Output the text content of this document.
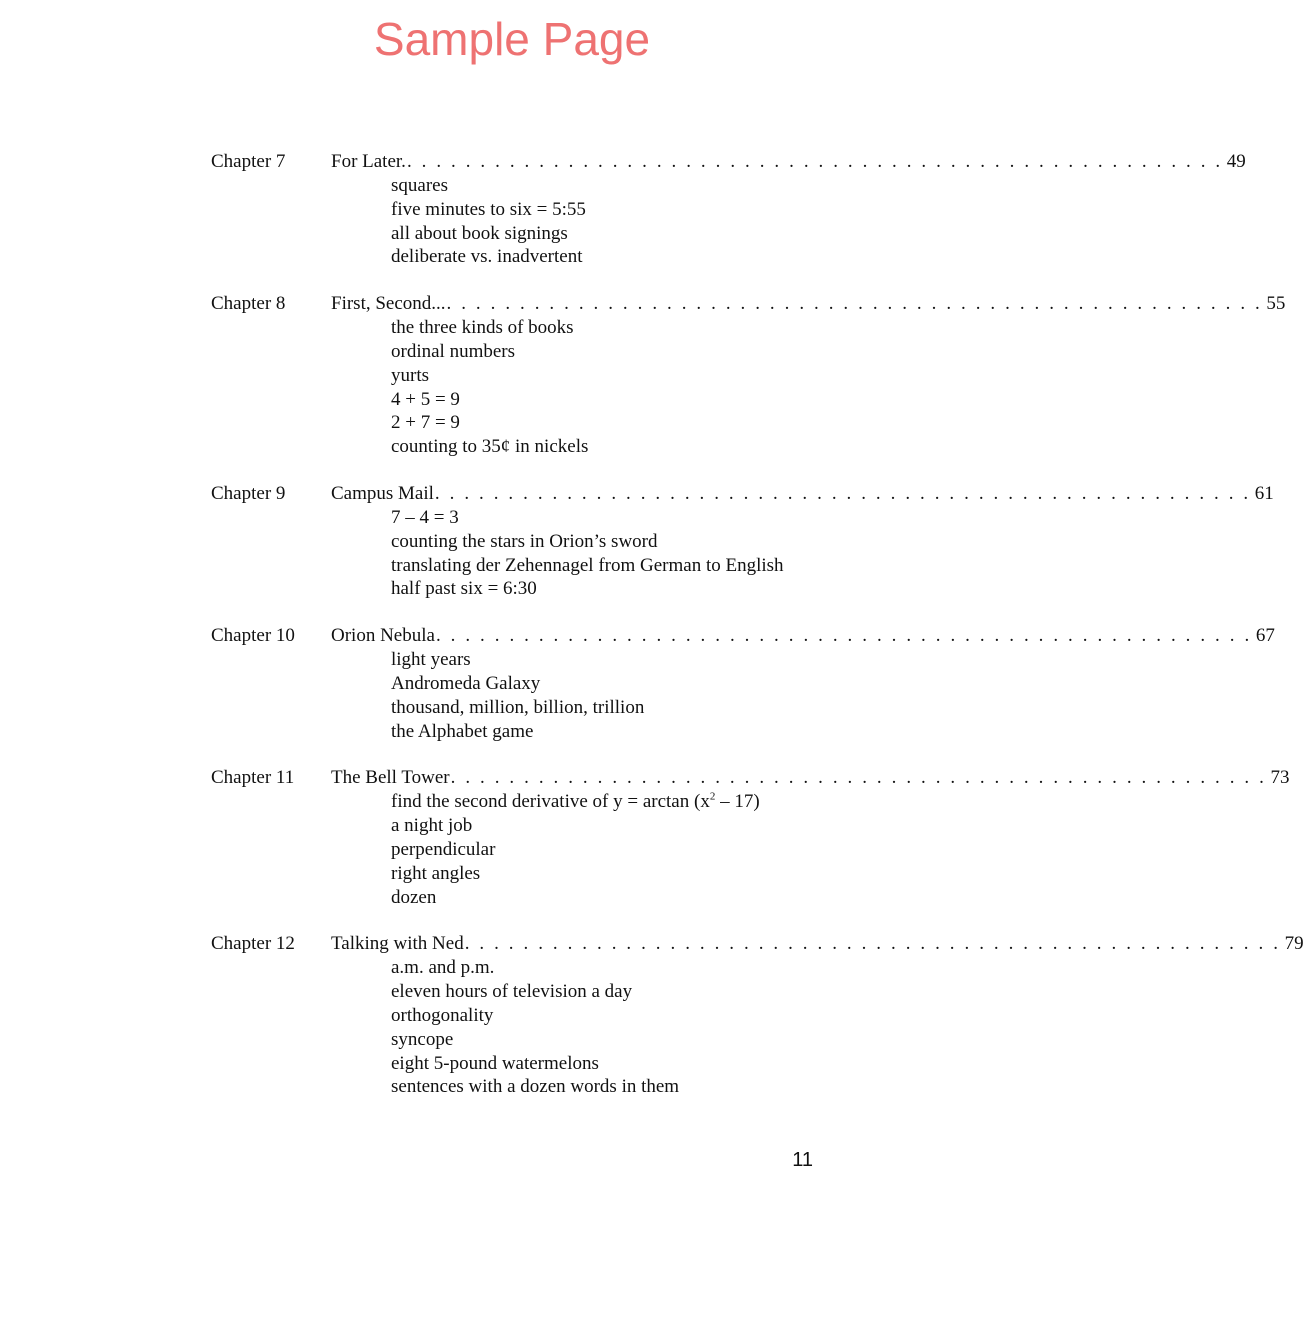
Sample Page
Chapter 7	For Later. . . . . . . . . . . . . . . . . . . . . . . . . . . . . . . . . . . . . . . . . . . . . . . . . . . . . . . . . 49
squares
five minutes to six = 5:55
all about book signings
deliberate vs. inadvertent
Chapter 8	First, Second... . . . . . . . . . . . . . . . . . . . . . . . . . . . . . . . . . . . . . . . . . . . . . . . . . . . . . . . . 55
the three kinds of books
ordinal numbers
yurts
4 + 5 = 9
2 + 7 = 9
counting to 35¢ in nickels
Chapter 9	Campus Mail . . . . . . . . . . . . . . . . . . . . . . . . . . . . . . . . . . . . . . . . . . . . . . . . . . . . . . . . 61
7 – 4 = 3
counting the stars in Orion’s sword
translating der Zehennagel from German to English
half past six = 6:30
Chapter 10	Orion Nebula . . . . . . . . . . . . . . . . . . . . . . . . . . . . . . . . . . . . . . . . . . . . . . . . . . . . . . . . 67
light years
Andromeda Galaxy
thousand, million, billion, trillion
the Alphabet game
Chapter 11	The Bell Tower . . . . . . . . . . . . . . . . . . . . . . . . . . . . . . . . . . . . . . . . . . . . . . . . . . . . . . . . 73
find the second derivative of $y = \arctan (x^2 - 17)$
a night job
perpendicular
right angles
dozen
Chapter 12	Talking with Ned . . . . . . . . . . . . . . . . . . . . . . . . . . . . . . . . . . . . . . . . . . . . . . . . . . . . . . . . 79
a.m. and p.m.
eleven hours of television a day
orthogonality
syncope
eight 5-pound watermelons
sentences with a dozen words in them
11
